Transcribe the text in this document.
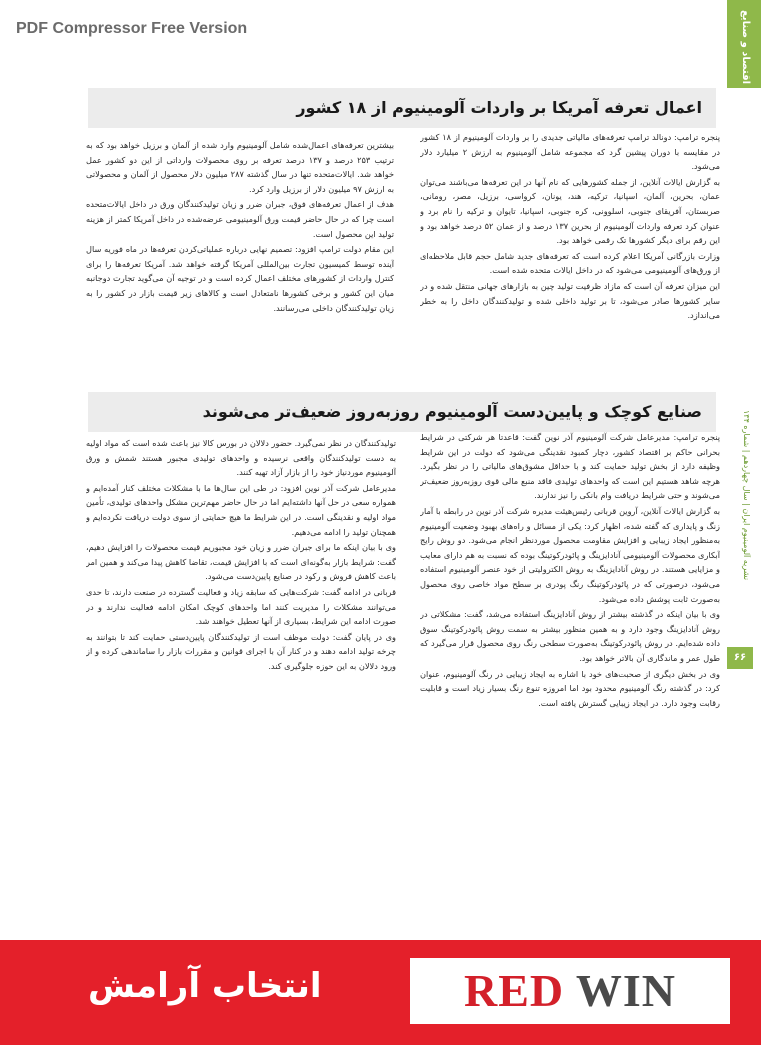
PDF Compressor Free Version	اقتصاد و صنایع
نشریه آلومینیوم ایران | سال چهاردهم | شماره ۱۳۴
۶۶
اعمال تعرفه آمریکا بر واردات آلومینیوم از ۱۸ کشور

پنجره ترامپ: دونالد ترامپ تعرفه‌های مالیاتی جدیدی را بر واردات آلومینیوم از ۱۸ کشور در مقایسه با دوران پیشین گرد که مجموعه شامل آلومینیوم به ارزش ۲ میلیارد دلار می‌شود.

به گزارش ایالات آنلاین، از جمله کشورهایی که نام آنها در این تعرفه‌ها می‌باشند می‌توان عمان، بحرین، آلمان، اسپانیا، ترکیه، هند، یونان، کرواسی، برزیل، مصر، رومانی، صربستان، آفریقای جنوبی، اسلوونی، کره جنوبی، اسپانیا، تایوان و ترکیه را نام برد و عنوان کرد تعرفه واردات آلومینیوم از بحرین ۱۳۷ درصد و از عمان ۵۲ درصد خواهد بود و این رقم برای دیگر کشورها تک رقمی خواهد بود.

وزارت بازرگانی آمریکا اعلام کرده است که تعرفه‌های جدید شامل حجم قابل ملاحظه‌ای از ورق‌های آلومینیومی می‌شود که در داخل ایالات متحده شده است.

این میزان تعرفه آن است که مازاد ظرفیت تولید چین به بازارهای جهانی منتقل شده و در سایر کشورها صادر می‌شود، تا بر تولید داخلی شده و تولیدکنندگان داخل را به خطر می‌اندازد.

بیشترین تعرفه‌های اعمال‌شده شامل آلومینیوم وارد شده از آلمان و برزیل خواهد بود که به ترتیب ۲۵۳ درصد و ۱۳۷ درصد تعرفه بر روی محصولات وارداتی از این دو کشور عمل خواهد شد. ایالات‌متحده تنها در سال گذشته ۲۸۷ میلیون دلار محصول از آلمان و محصولاتی به ارزش ۹۷ میلیون دلار از برزیل وارد کرد.

هدف از اعمال تعرفه‌های فوق، جبران ضرر و زیان تولیدکنندگان ورق در داخل ایالات‌متحده است چرا که در حال حاضر قیمت ورق آلومینیومی عرضه‌شده در داخل آمریکا کمتر از هزینه تولید این محصول است.

این مقام دولت ترامپ افزود: تصمیم نهایی درباره عملیاتی‌کردن تعرفه‌ها در ماه فوریه سال آینده توسط کمیسیون تجارت بین‌المللی آمریکا گرفته خواهد شد. آمریکا تعرفه‌ها را برای کنترل واردات از کشورهای مختلف اعمال کرده است و در توجیه آن می‌گوید تجارت دوجانبه میان این کشور و برخی کشورها نامتعادل است و کالاهای زیر قیمت بازار در کشور را به زیان تولیدکنندگان داخلی می‌رسانند.

صنایع کوچک و پایین‌دست آلومینیوم روزبه‌روز ضعیف‌تر می‌شوند

پنجره ترامپ: مدیرعامل شرکت آلومینیوم آذر نوین گفت: قاعدتا هر شرکتی در شرایط بحرانی حاکم بر اقتصاد کشور، دچار کمبود نقدینگی می‌شود که دولت در این شرایط وظیفه دارد از بخش تولید حمایت کند و با حداقل مشوق‌های مالیاتی را در نظر بگیرد. هرچه شاهد هستیم این است که واحدهای تولیدی فاقد منبع مالی قوی روزبه‌روز ضعیف‌تر می‌شوند و حتی شرایط دریافت وام بانکی را نیز ندارند.

به گزارش ایالات آنلاین، آروین قربانی رئیس‌هیئت مدیره شرکت آذر نوین در رابطه با آمار زنگ و پایداری که گفته شده، اظهار کرد: یکی از مسائل و راه‌های بهبود وضعیت آلومینیوم به‌منظور ایجاد زیبایی و افزایش مقاومت محصول موردنظر انجام می‌شود. دو روش رایج آبکاری محصولات آلومینیومی آنادایزینگ و پائودرکوتینگ بوده که نسبت به هم دارای معایب و مزایایی هستند. در روش آنادایزینگ به روش الکترولیتی از خود عنصر آلومینیوم استفاده می‌شود، درصورتی که در پائودرکوتینگ رنگ پودری بر سطح مواد خاصی روی محصول به‌صورت ثابت پوشش داده می‌شود.

وی با بیان اینکه در گذشته بیشتر از روش آنادایزینگ استفاده می‌شد، گفت: مشکلاتی در روش آنادایزینگ وجود دارد و به همین منظور بیشتر به سمت روش پائودرکوتینگ سوق داده شده‌ایم. در روش پائودرکوتینگ به‌صورت سطحی رنگ روی محصول قرار می‌گیرد که طول عمر و ماندگاری آن بالاتر خواهد بود.

وی در بخش دیگری از صحبت‌های خود با اشاره به ایجاد زیبایی در رنگ آلومینیوم، عنوان کرد: در گذشته رنگ آلومینیوم محدود بود اما امروزه تنوع رنگ بسیار زیاد است و قابلیت رقابت وجود دارد. در ایجاد زیبایی گسترش یافته است.

تولیدکنندگان در نظر نمی‌گیرد. حضور دلالان در بورس کالا نیز باعث شده است که مواد اولیه به دست تولیدکنندگان واقعی نرسیده و واحدهای تولیدی مجبور هستند شمش و ورق آلومینیوم موردنیاز خود را از بازار آزاد تهیه کنند.

مدیرعامل شرکت آذر نوین افزود: در طی این سال‌ها ما با مشکلات مختلف کنار آمده‌ایم و همواره سعی در حل آنها داشته‌ایم اما در حال حاضر مهم‌ترین مشکل واحدهای تولیدی، تأمین مواد اولیه و نقدینگی است. در این شرایط ما هیچ حمایتی از سوی دولت دریافت نکرده‌ایم و همچنان تولید را ادامه می‌دهیم.

وی با بیان اینکه ما برای جبران ضرر و زیان خود مجبوریم قیمت محصولات را افزایش دهیم، گفت: شرایط بازار به‌گونه‌ای است که با افزایش قیمت، تقاضا کاهش پیدا می‌کند و همین امر باعث کاهش فروش و رکود در صنایع پایین‌دست می‌شود.

قربانی در ادامه گفت: شرکت‌هایی که سابقه زیاد و فعالیت گسترده در صنعت دارند، تا حدی می‌توانند مشکلات را مدیریت کنند اما واحدهای کوچک امکان ادامه فعالیت ندارند و در صورت ادامه این شرایط، بسیاری از آنها تعطیل خواهند شد.

وی در پایان گفت: دولت موظف است از تولیدکنندگان پایین‌دستی حمایت کند تا بتوانند به چرخه تولید ادامه دهند و در کنار آن با اجرای قوانین و مقررات بازار را ساماندهی کرده و از ورود دلالان به این حوزه جلوگیری کند.

انتخاب آرامش	RED WIN
